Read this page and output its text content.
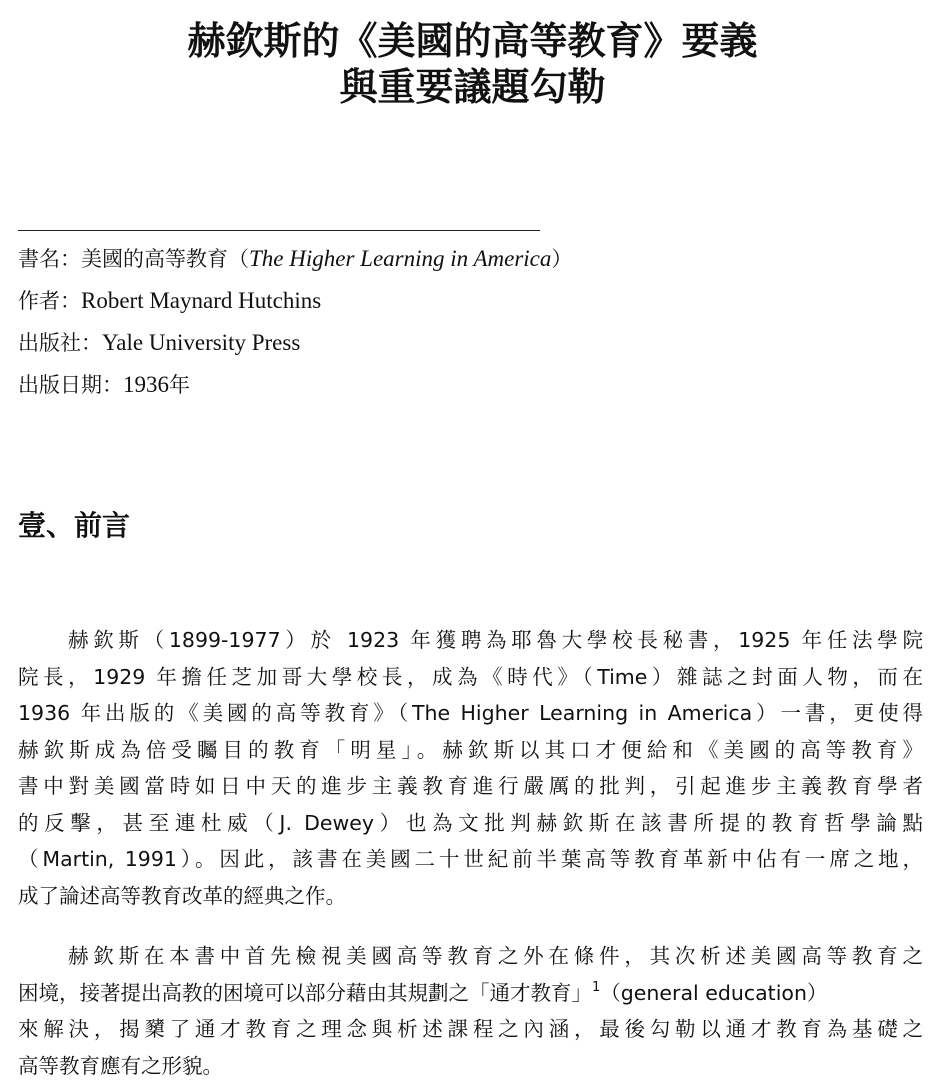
赫欽斯的《美國的高等教育》要義
與重要議題勾勒
書名：美國的高等教育（The Higher Learning in America）
作者：Robert Maynard Hutchins
出版社：Yale University Press
出版日期：1936年
壹、前言
赫欽斯（1899-1977）於 1923 年獲聘為耶魯大學校長秘書，1925 年任法學院
院長，1929 年擔任芝加哥大學校長，成為《時代》（Time）雜誌之封面人物，而在
1936 年出版的《美國的高等教育》（The Higher Learning in America）一書，更使得
赫欽斯成為倍受矚目的教育「明星」。赫欽斯以其口才便給和《美國的高等教育》
書中對美國當時如日中天的進步主義教育進行嚴厲的批判，引起進步主義教育學者
的反擊，甚至連杜威（J. Dewey）也為文批判赫欽斯在該書所提的教育哲學論點
（Martin, 1991）。因此，該書在美國二十世紀前半葉高等教育革新中佔有一席之地，
成了論述高等教育改革的經典之作。
赫欽斯在本書中首先檢視美國高等教育之外在條件，其次析述美國高等教育之
困境，接著提出高教的困境可以部分藉由其規劃之「通才教育」$^1$（general education）
來解決，揭櫫了通才教育之理念與析述課程之內涵，最後勾勒以通才教育為基礎之
高等教育應有之形貌。
